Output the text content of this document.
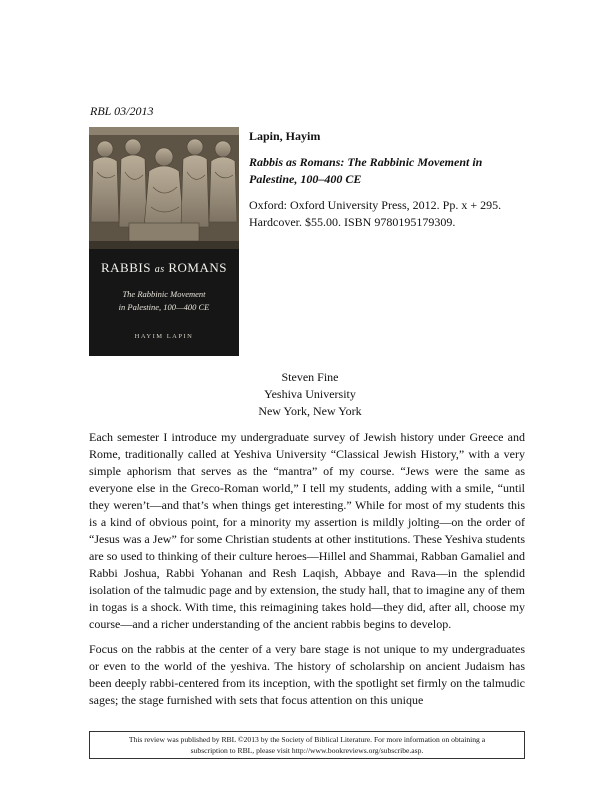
RBL 03/2013
RABBIS as ROMANS
The Rabbinic Movement
in Palestine, 100—400 CE
HAYIM LAPIN
Lapin, Hayim
Rabbis as Romans: The Rabbinic Movement in Palestine, 100–400 CE
Oxford: Oxford University Press, 2012. Pp. x + 295. Hardcover. $55.00. ISBN 9780195179309.
Steven Fine
Yeshiva University
New York, New York

Each semester I introduce my undergraduate survey of Jewish history under Greece and Rome, traditionally called at Yeshiva University “Classical Jewish History,” with a very simple aphorism that serves as the “mantra” of my course. “Jews were the same as everyone else in the Greco-Roman world,” I tell my students, adding with a smile, “until they weren’t—and that’s when things get interesting.” While for most of my students this is a kind of obvious point, for a minority my assertion is mildly jolting—on the order of “Jesus was a Jew” for some Christian students at other institutions. These Yeshiva students are so used to thinking of their culture heroes—Hillel and Shammai, Rabban Gamaliel and Rabbi Joshua, Rabbi Yohanan and Resh Laqish, Abbaye and Rava—in the splendid isolation of the talmudic page and by extension, the study hall, that to imagine any of them in togas is a shock. With time, this reimagining takes hold—they did, after all, choose my course—and a richer understanding of the ancient rabbis begins to develop.

Focus on the rabbis at the center of a very bare stage is not unique to my undergraduates or even to the world of the yeshiva. The history of scholarship on ancient Judaism has been deeply rabbi-centered from its inception, with the spotlight set firmly on the talmudic sages; the stage furnished with sets that focus attention on this unique

This review was published by RBL ©2013 by the Society of Biblical Literature. For more information on obtaining a
subscription to RBL, please visit http://www.bookreviews.org/subscribe.asp.
